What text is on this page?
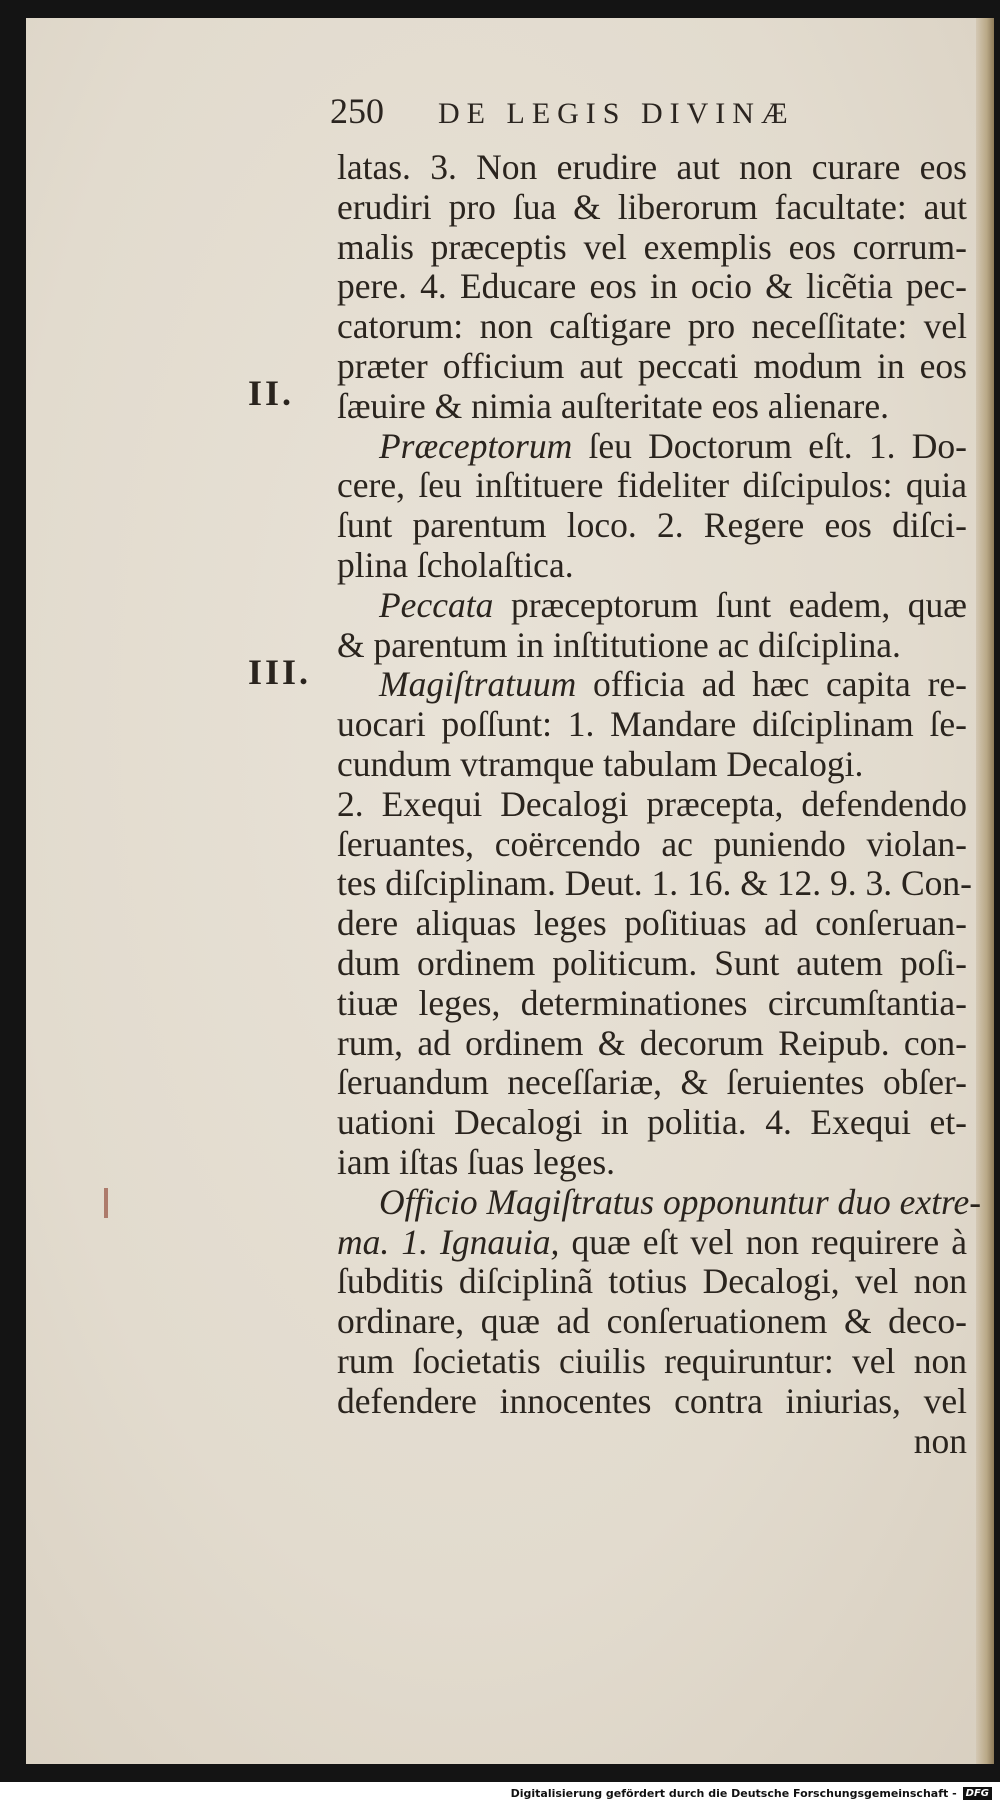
250 DE LEGIS DIVINÆ
II.
III.
latas. 3. Non erudire aut non curare eos
erudiri pro ſua & liberorum facultate: aut
malis præceptis vel exemplis eos corrum-
pere. 4. Educare eos in ocio & licẽtia pec-
catorum: non caſtigare pro neceſſitate: vel
præter officium aut peccati modum in eos
ſæuire & nimia auſteritate eos alienare.
Præceptorum ſeu Doctorum eſt. 1. Do-
cere, ſeu inſtituere fideliter diſcipulos: quia
ſunt parentum loco. 2. Regere eos diſci-
plina ſcholaſtica.
Peccata præceptorum ſunt eadem, quæ
& parentum in inſtitutione ac diſciplina.
Magiſtratuum officia ad hæc capita re-
uocari poſſunt: 1. Mandare diſciplinam ſe-
cundum vtramque tabulam Decalogi.
2. Exequi Decalogi præcepta, defendendo
ſeruantes, coërcendo ac puniendo violan-
tes diſciplinam. Deut. 1. 16. & 12. 9. 3. Con-
dere aliquas leges poſitiuas ad conſeruan-
dum ordinem politicum. Sunt autem poſi-
tiuæ leges, determinationes circumſtantia-
rum, ad ordinem & decorum Reipub. con-
ſeruandum neceſſariæ, & ſeruientes obſer-
uationi Decalogi in politia. 4. Exequi et-
iam iſtas ſuas leges.
Officio Magiſtratus opponuntur duo extre-
ma. 1. Ignauia, quæ eſt vel non requirere à
ſubditis diſciplinã totius Decalogi, vel non
ordinare, quæ ad conſeruationem & deco-
rum ſocietatis ciuilis requiruntur: vel non
defendere innocentes contra iniurias, vel
non
Digitalisierung gefördert durch die Deutsche Forschungsgemeinschaft - DFG
